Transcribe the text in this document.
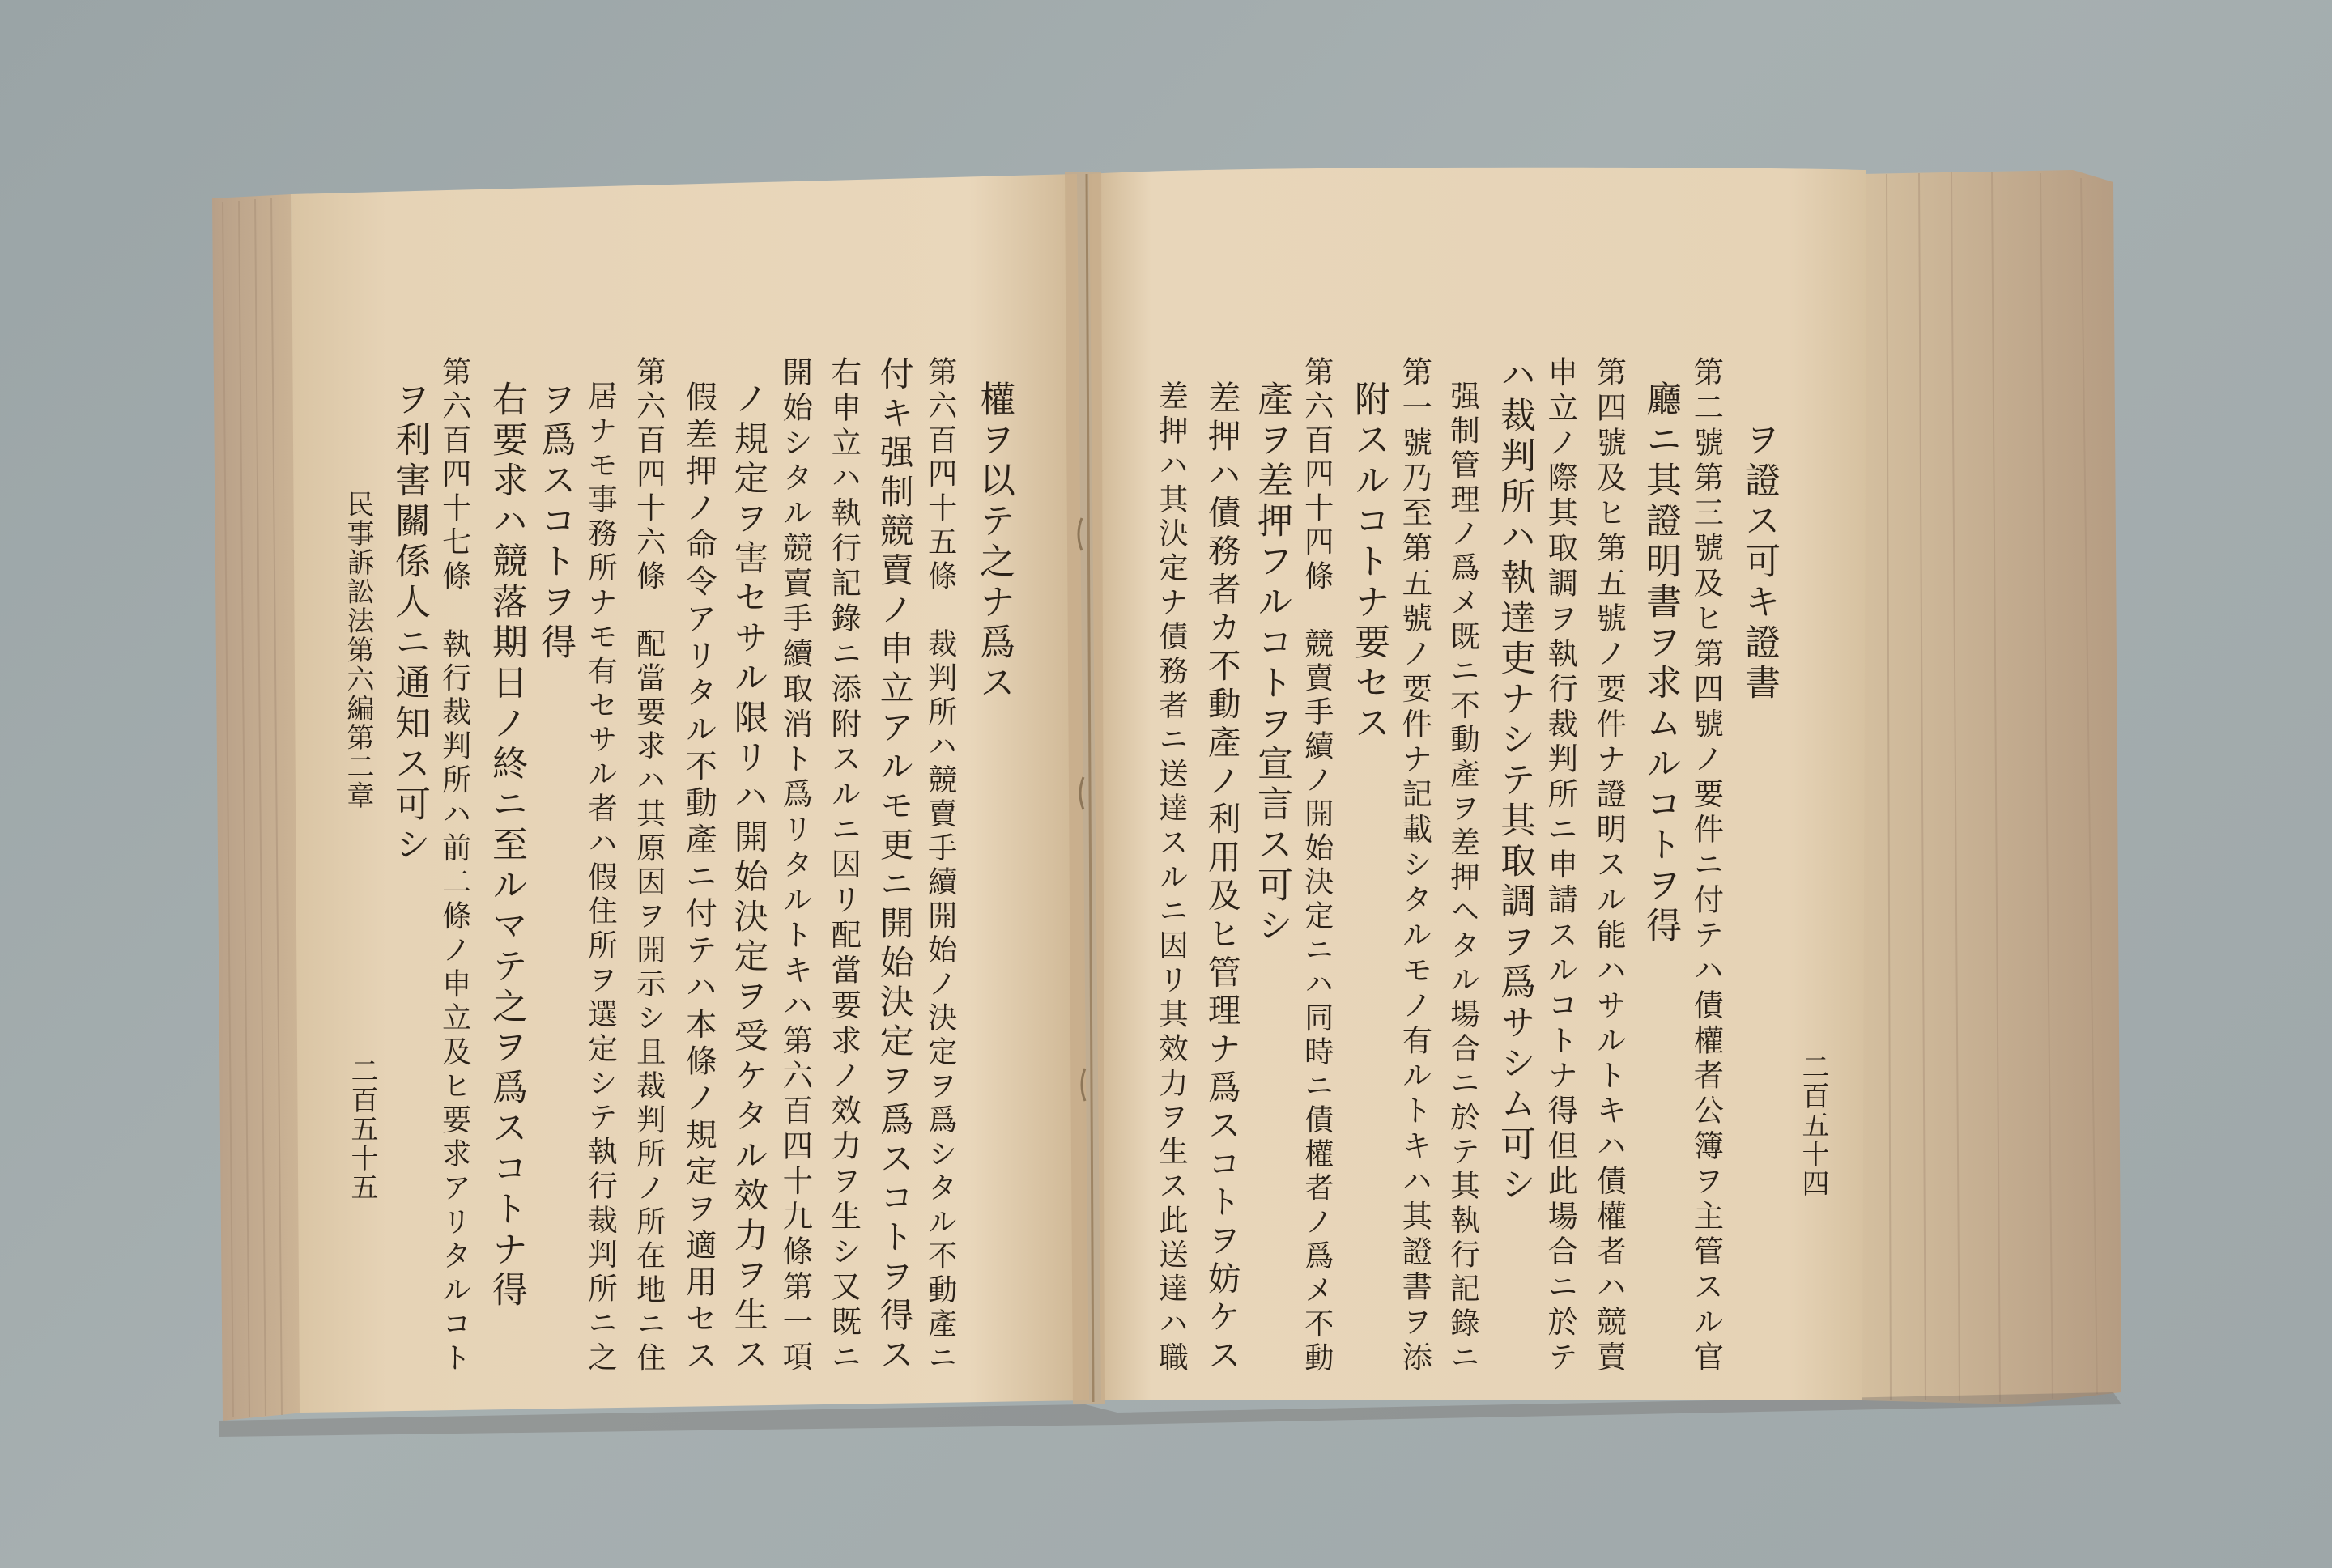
權ヲ以テ之ナ爲ス
第六百四十五條　裁判所ハ競賣手續開始ノ決定ヲ爲シタル不動產ニ
付キ强制競賣ノ申立アルモ更ニ開始決定ヲ爲スコトヲ得ス
右申立ハ執行記錄ニ添附スルニ因リ配當要求ノ效力ヲ生シ又既ニ
開始シタル競賣手續取消ト爲リタルトキハ第六百四十九條第一項
ノ規定ヲ害セサル限リハ開始決定ヲ受ケタル效力ヲ生ス
假差押ノ命令アリタル不動產ニ付テハ本條ノ規定ヲ適用セス
第六百四十六條　配當要求ハ其原因ヲ開示シ且裁判所ノ所在地ニ住
居ナモ事務所ナモ有セサル者ハ假住所ヲ選定シテ執行裁判所ニ之
ヲ爲スコトヲ得
右要求ハ競落期日ノ終ニ至ルマテ之ヲ爲スコトナ得
第六百四十七條　執行裁判所ハ前二條ノ申立及ヒ要求アリタルコト
ヲ利害關係人ニ通知ス可シ
民事訴訟法第六編第二章
二百五十五	二百五十四
ヲ證ス可キ證書
第二號第三號及ヒ第四號ノ要件ニ付テハ債權者公簿ヲ主管スル官
廳ニ其證明書ヲ求ムルコトヲ得
第四號及ヒ第五號ノ要件ナ證明スル能ハサルトキハ債權者ハ競賣
申立ノ際其取調ヲ執行裁判所ニ申請スルコトナ得但此場合ニ於テ
ハ裁判所ハ執達吏ナシテ其取調ヲ爲サシム可シ
强制管理ノ爲メ既ニ不動產ヲ差押ヘタル場合ニ於テ其執行記錄ニ
第一號乃至第五號ノ要件ナ記載シタルモノ有ルトキハ其證書ヲ添
附スルコトナ要セス
第六百四十四條　競賣手續ノ開始決定ニハ同時ニ債權者ノ爲メ不動
產ヲ差押フルコトヲ宣言ス可シ
差押ハ債務者カ不動產ノ利用及ヒ管理ナ爲スコトヲ妨ケス
差押ハ其決定ナ債務者ニ送達スルニ因リ其效力ヲ生ス此送達ハ職
